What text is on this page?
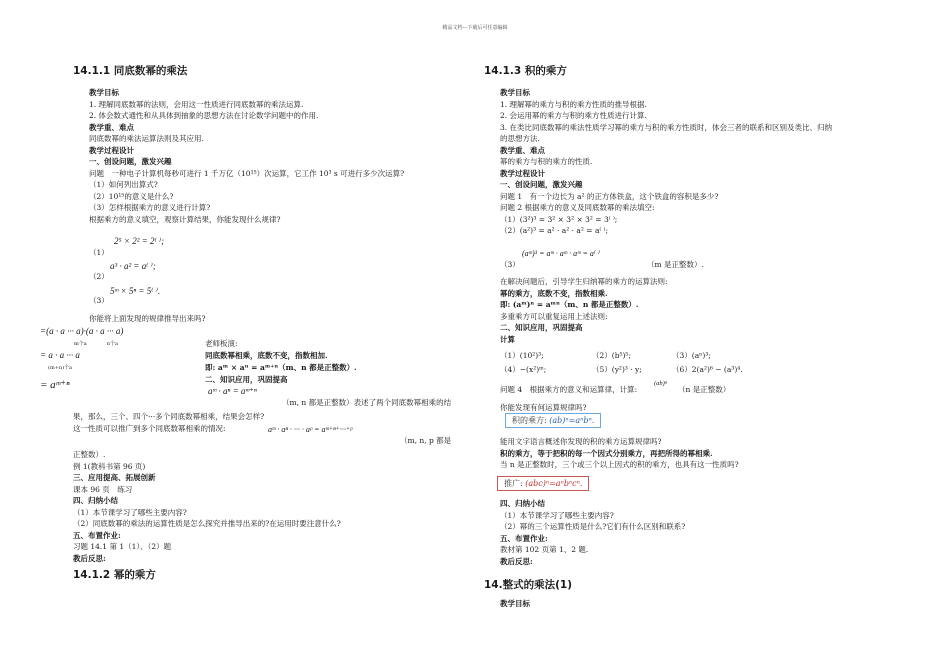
精品文档---下载后可任意编辑
14.1.1 同底数幂的乘法
教学目标
1. 理解同底数幂的法则，会用这一性质进行同底数幂的乘法运算.
2. 体会数式通性和从具体到抽象的思想方法在讨论数学问题中的作用.
教学重、难点
同底数幂的乘法运算法则及其应用.
教学过程设计
一、创设问题，激发兴趣
问题　一种电子计算机每秒可进行 1 千万亿（10¹⁵）次运算，它工作 10³ s 可进行多少次运算?
（1）如何列出算式?
（2）10¹⁵的意义是什么?
（3）怎样根据乘方的意义进行计算?
根据乘方的意义填空，观察计算结果，你能发现什么规律?
（1）
2⁵ × 2² = 2⁽ ⁾;
（2）
a³ · a² = a⁽ ⁾;
（3）
5ᵐ × 5ⁿ = 5⁽ ⁾.
你能将上面发现的规律推导出来吗?
=(a · a ··· a)·(a · a ··· a)
m个a　　　　n个a
= a · a ··· a
(m+n)个a
= aᵐ⁺ⁿ
老师板演:
同底数幂相乘，底数不变，指数相加.
即: aᵐ × aⁿ = aᵐ⁺ⁿ（m、n 都是正整数）.
二、知识应用，巩固提高
aᵐ · aⁿ = aᵐ⁺ⁿ
（m, n 都是正整数）表述了两个同底数幂相乘的结
果，那么，三个、四个···多个同底数幂相乘，结果会怎样?
这一性质可以推广到多个同底数幂相乘的情况:	aᵐ · aⁿ · ··· · aᵖ = aᵐ⁺ⁿ⁺···⁺ᵖ
（m, n, p 都是
正整数）.
例 1(教科书第 96 页)
三、应用提高、拓展创新
课本 96 页　练习
四、归纳小结
（1）本节课学习了哪些主要内容?
（2）同底数幂的乘法的运算性质是怎么探究并推导出来的?在运用时要注意什么?
五、布置作业:
习题 14.1 第 1（1）、（2）题
教后反思:
14.1.2 幂的乘方
14.1.3 积的乘方
教学目标
1. 理解幂的乘方与积的乘方性质的推导根据.
2. 会运用幂的乘方与积的乘方性质进行计算.
3. 在类比同底数幂的乘法性质学习幂的乘方与积的乘方性质时，体会三者的联系和区别及类比、归纳
的思想方法.
教学重、难点
幂的乘方与积的乘方的性质.
教学过程设计
一、创设问题，激发兴趣
问题 1　有一个边长为 a² 的正方体铁盒，这个铁盒的容积是多少?
问题 2 根据乘方的意义及同底数幂的乘法填空:
（1）(3²)³ = 3² × 3² × 3² = 3⁽ ⁾;
（2）(a²)³ = a² · a² · a² = a⁽ ⁾;
（3）
(aᵐ)³ = aᵐ · aᵐ · aᵐ = a⁽ ⁾
（m 是正整数）.
在解决问题后，引导学生归纳幂的乘方的运算法则:
幂的乘方，底数不变，指数相乘.
即: (aᵐ)ⁿ = aᵐⁿ（m、n 都是正整数）.
多重乘方可以重复运用上述法则:
二、知识应用，巩固提高
计算
（1）(10²)³;	（2）(b⁵)⁵;	（3）(aⁿ)³;
（4）−(x²)ᵐ;	（5）(y²)³ · y;	（6）2(a²)⁶ − (a³)⁴.
问题 4　根据乘方的意义和运算律，计算:
(ab)ⁿ
（n 是正整数）
你能发现有何运算规律吗?
积的乘方: (ab)ⁿ=aⁿbⁿ.
能用文字语言概述你发现的积的乘方运算规律吗?
积的乘方，等于把积的每一个因式分别乘方，再把所得的幂相乘.
当 n 是正整数时，三个或三个以上因式的积的乘方，也具有这一性质吗?
推广: (abc)ⁿ=aⁿbⁿcⁿ.
四、归纳小结
（1）本节课学习了哪些主要内容?
（2）幂的三个运算性质是什么?它们有什么区别和联系?
五、布置作业:
教材第 102 页第 1、2 题.
教后反思:
14.整式的乘法(1)
教学目标
